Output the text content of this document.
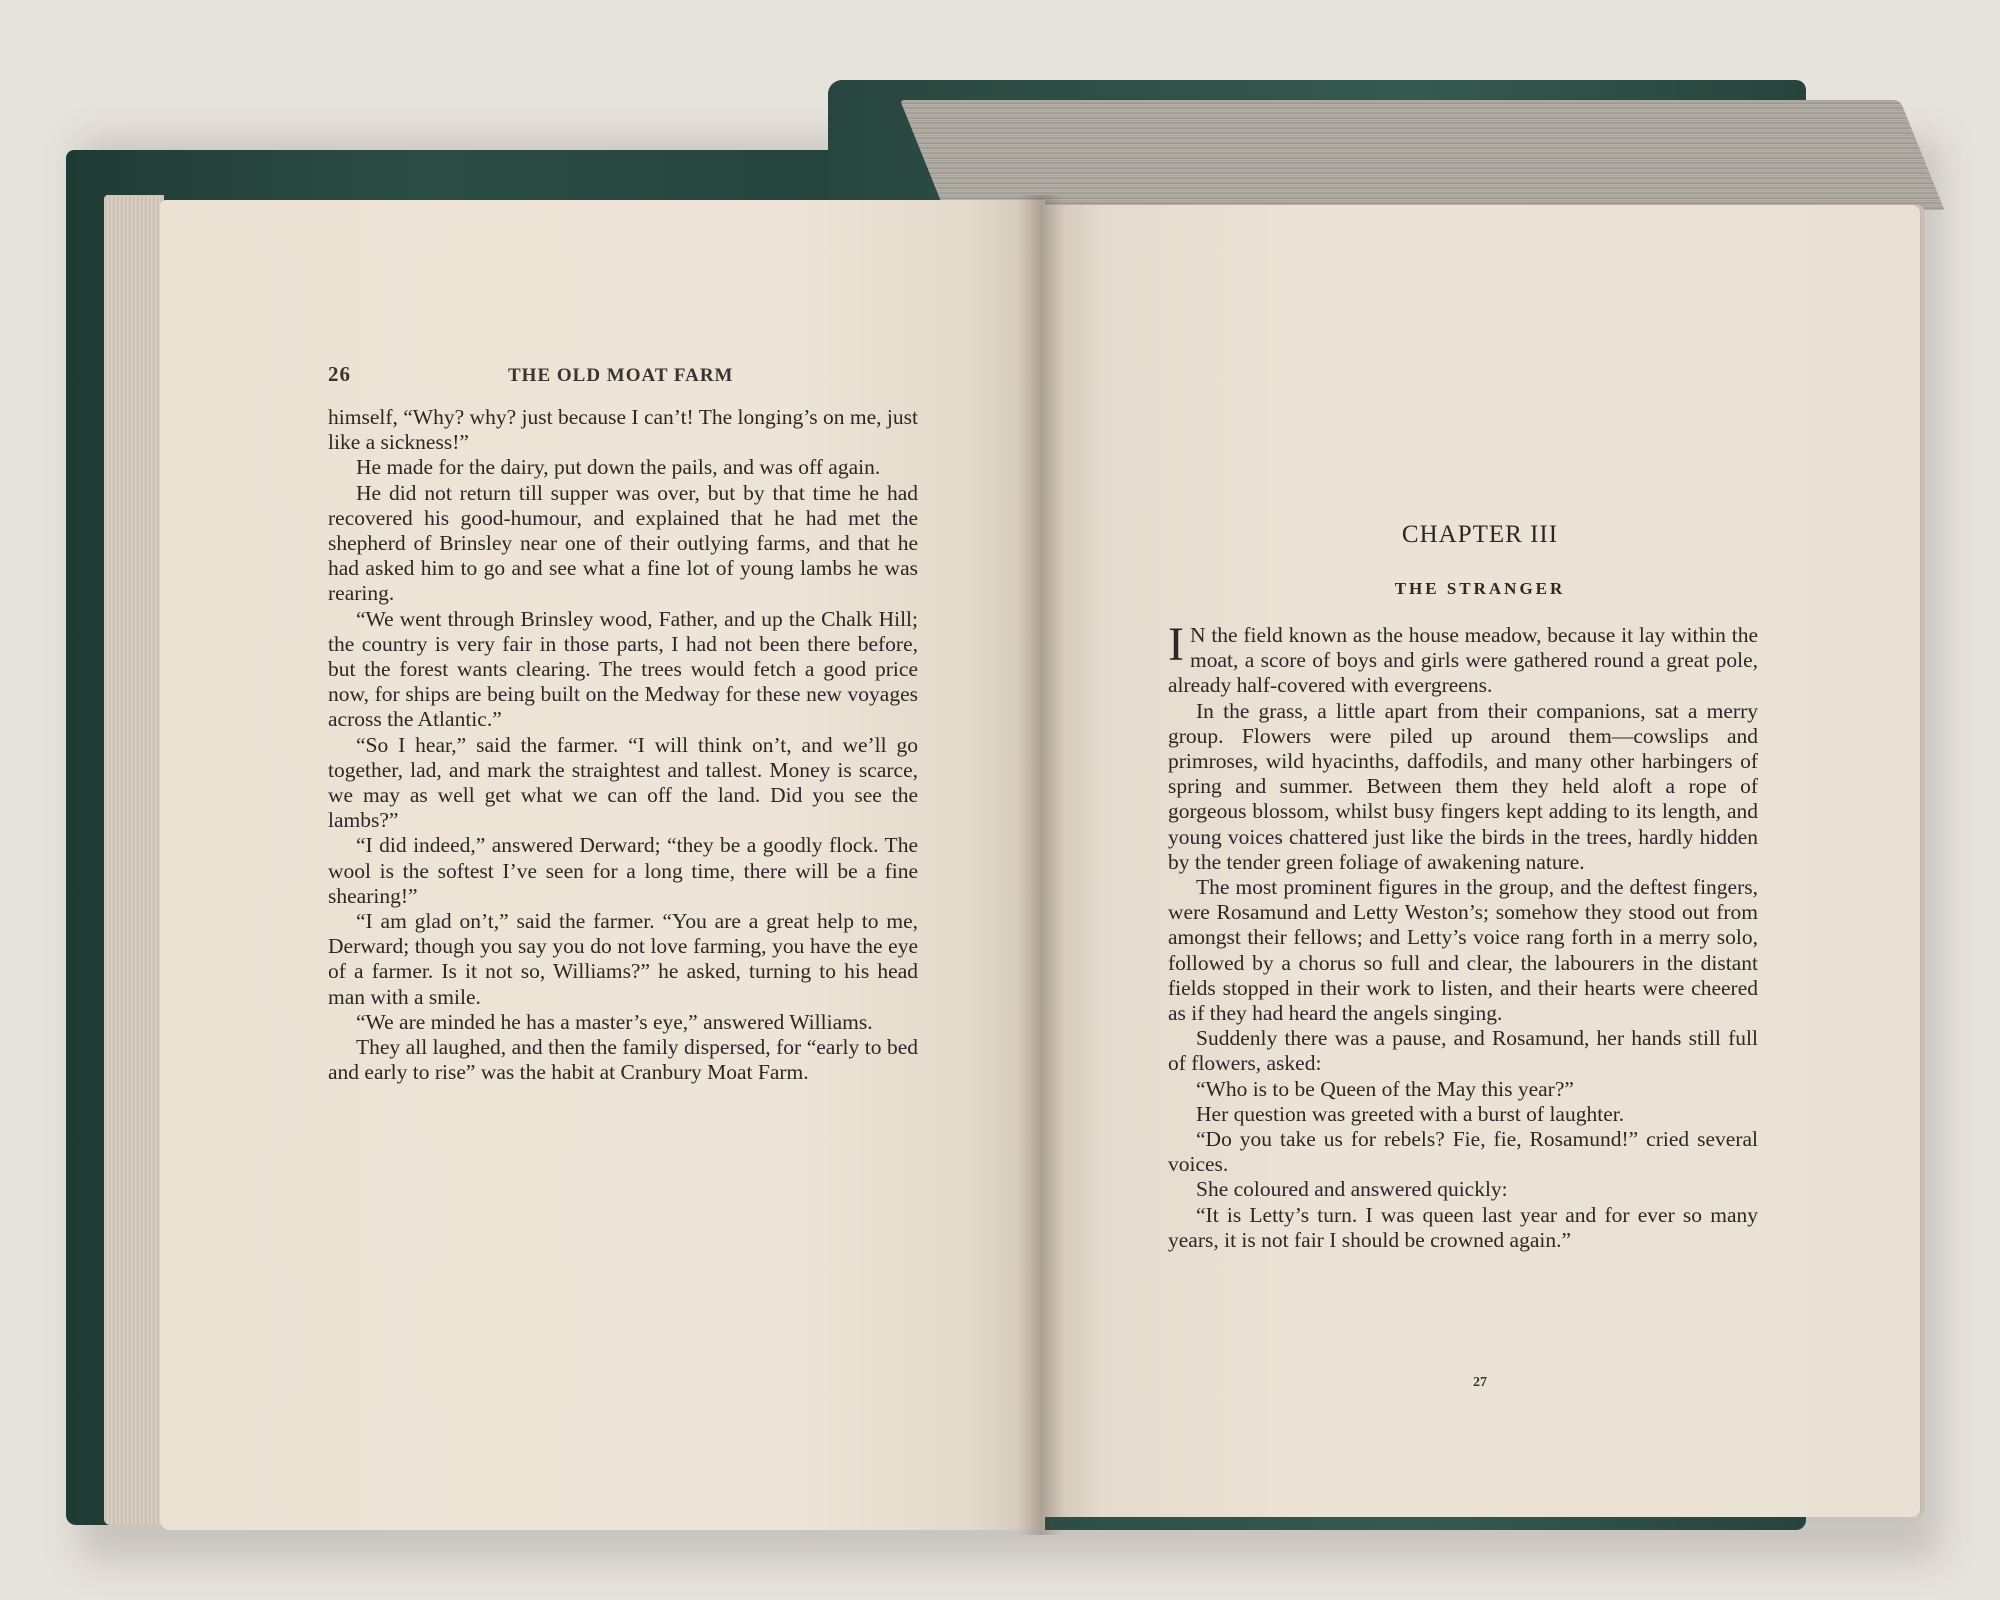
26	THE OLD MOAT FARM

himself, “Why? why? just because I can’t! The longing’s on me, just like a sickness!”

He made for the dairy, put down the pails, and was off again.

He did not return till supper was over, but by that time he had recovered his good-humour, and explained that he had met the shepherd of Brinsley near one of their outlying farms, and that he had asked him to go and see what a fine lot of young lambs he was rearing.

“We went through Brinsley wood, Father, and up the Chalk Hill; the country is very fair in those parts, I had not been there before, but the forest wants clearing. The trees would fetch a good price now, for ships are being built on the Medway for these new voyages across the Atlantic.”

“So I hear,” said the farmer. “I will think on’t, and we’ll go together, lad, and mark the straightest and tallest. Money is scarce, we may as well get what we can off the land. Did you see the lambs?”

“I did indeed,” answered Derward; “they be a goodly flock. The wool is the softest I’ve seen for a long time, there will be a fine shearing!”

“I am glad on’t,” said the farmer. “You are a great help to me, Derward; though you say you do not love farming, you have the eye of a farmer. Is it not so, Williams?” he asked, turning to his head man with a smile.

“We are minded he has a master’s eye,” answered Williams.

They all laughed, and then the family dispersed, for “early to bed and early to rise” was the habit at Cranbury Moat Farm.

CHAPTER III
THE STRANGER

I N the field known as the house meadow, because it lay within the moat, a score of boys and girls were gathered round a great pole, already half-covered with evergreens.

In the grass, a little apart from their companions, sat a merry group. Flowers were piled up around them—cowslips and primroses, wild hyacinths, daffodils, and many other harbingers of spring and summer. Between them they held aloft a rope of gorgeous blossom, whilst busy fingers kept adding to its length, and young voices chattered just like the birds in the trees, hardly hidden by the tender green foliage of awakening nature.

The most prominent figures in the group, and the deftest fingers, were Rosamund and Letty Weston’s; somehow they stood out from amongst their fellows; and Letty’s voice rang forth in a merry solo, followed by a chorus so full and clear, the labourers in the distant fields stopped in their work to listen, and their hearts were cheered as if they had heard the angels singing.

Suddenly there was a pause, and Rosamund, her hands still full of flowers, asked:

“Who is to be Queen of the May this year?”

Her question was greeted with a burst of laughter.

“Do you take us for rebels? Fie, fie, Rosamund!” cried several voices.

She coloured and answered quickly:

“It is Letty’s turn. I was queen last year and for ever so many years, it is not fair I should be crowned again.”

27
